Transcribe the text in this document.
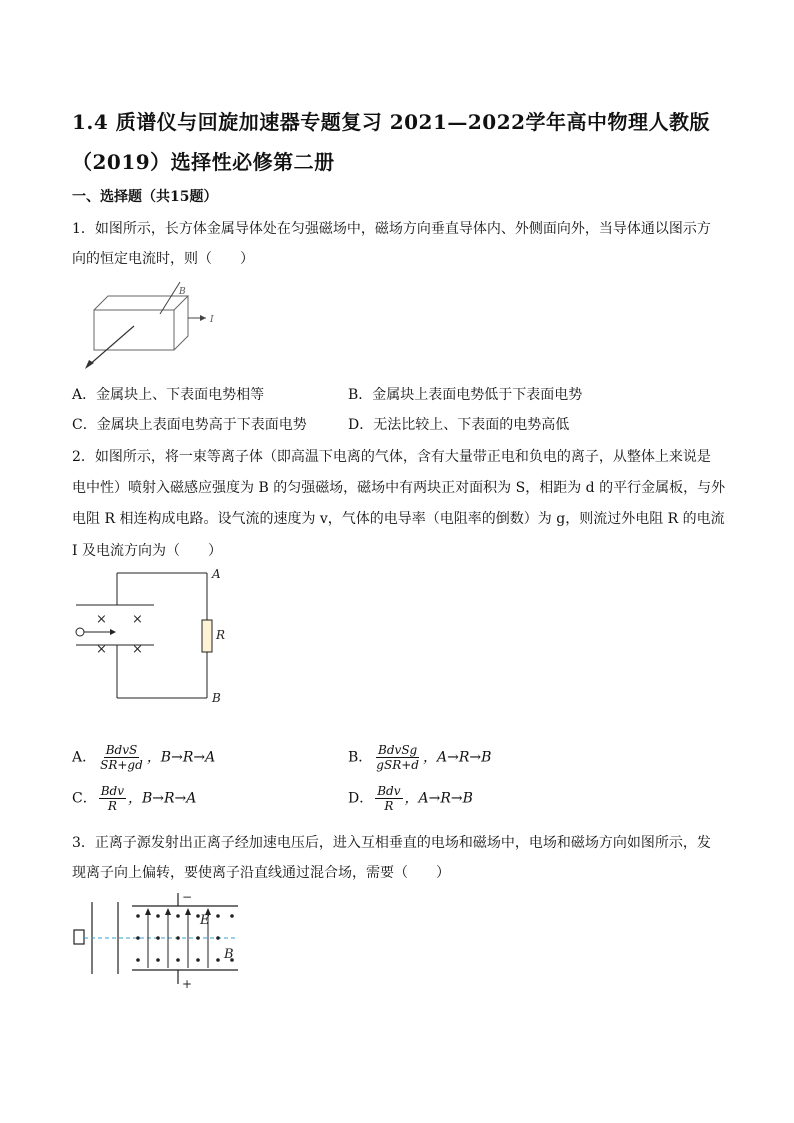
1.4 质谱仪与回旋加速器专题复习 2021—2022学年高中物理人教版
（2019）选择性必修第二册
一、选择题（共15题）
1．如图所示，长方体金属导体处在匀强磁场中，磁场方向垂直导体内、外侧面向外，当导体通以图示方
向的恒定电流时，则（　　）
B
I
A．金属块上、下表面电势相等	B．金属块上表面电势低于下表面电势
C．金属块上表面电势高于下表面电势	D．无法比较上、下表面的电势高低
2．如图所示，将一束等离子体（即高温下电离的气体，含有大量带正电和负电的离子，从整体上来说是
电中性）喷射入磁感应强度为 B 的匀强磁场，磁场中有两块正对面积为 S，相距为 d 的平行金属板，与外
电阻 R 相连构成电路。设气流的速度为 v，气体的电导率（电阻率的倒数）为 g，则流过外电阻 R 的电流
I 及电流方向为（　　）
× ×
× ×
A
R
B
A． $\frac{\text{BdvS}}{SR+gd}$ ，B→R→A	B． $\frac{\text{BdvSg}}{\text{gSR+d}}$ ，A→R→B
C． $\frac{\text{Bdv}}{R}$ ，B→R→A	D． $\frac{\text{Bdv}}{R}$ ，A→R→B
3．正离子源发射出正离子经加速电压后，进入互相垂直的电场和磁场中，电场和磁场方向如图所示，发
现离子向上偏转，要使离子沿直线通过混合场，需要（　　）
−
+
E
B
